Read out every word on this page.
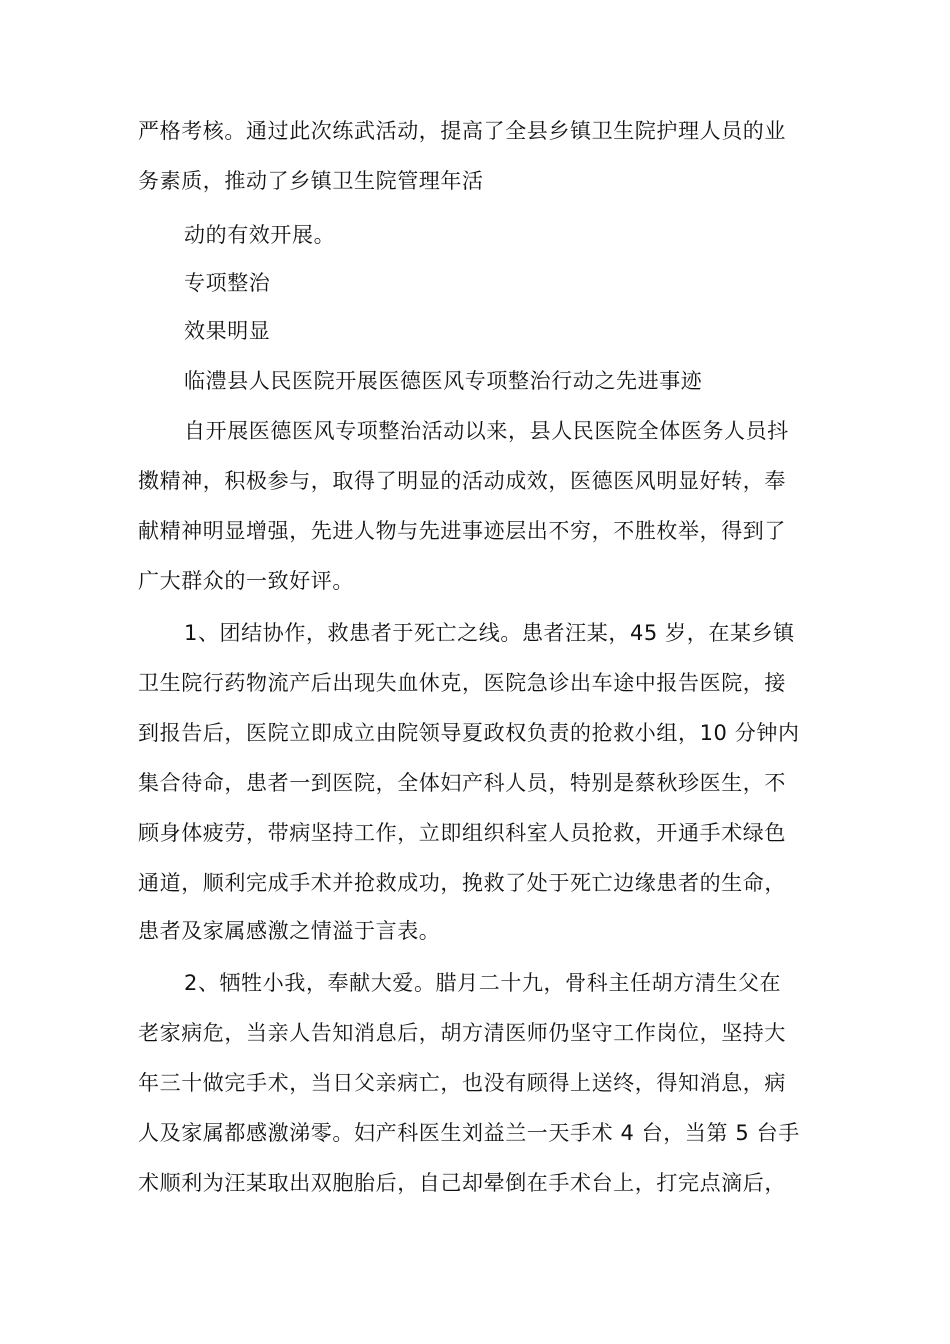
严格考核。通过此次练武活动，提高了全县乡镇卫生院护理人员的业
务素质，推动了乡镇卫生院管理年活
动的有效开展。
专项整治
效果明显
临澧县人民医院开展医德医风专项整治行动之先进事迹
自开展医德医风专项整治活动以来，县人民医院全体医务人员抖
擞精神，积极参与，取得了明显的活动成效，医德医风明显好转，奉
献精神明显增强，先进人物与先进事迹层出不穷，不胜枚举，得到了
广大群众的一致好评。
1、团结协作，救患者于死亡之线。患者汪某，45 岁，在某乡镇
卫生院行药物流产后出现失血休克，医院急诊出车途中报告医院，接
到报告后，医院立即成立由院领导夏政权负责的抢救小组，10 分钟内
集合待命，患者一到医院，全体妇产科人员，特别是蔡秋珍医生，不
顾身体疲劳，带病坚持工作，立即组织科室人员抢救，开通手术绿色
通道，顺利完成手术并抢救成功，挽救了处于死亡边缘患者的生命，
患者及家属感激之情溢于言表。
2、牺牲小我，奉献大爱。腊月二十九，骨科主任胡方清生父在
老家病危，当亲人告知消息后，胡方清医师仍坚守工作岗位，坚持大
年三十做完手术，当日父亲病亡，也没有顾得上送终，得知消息，病
人及家属都感激涕零。妇产科医生刘益兰一天手术 4 台，当第 5 台手
术顺利为汪某取出双胞胎后，自己却晕倒在手术台上，打完点滴后，
